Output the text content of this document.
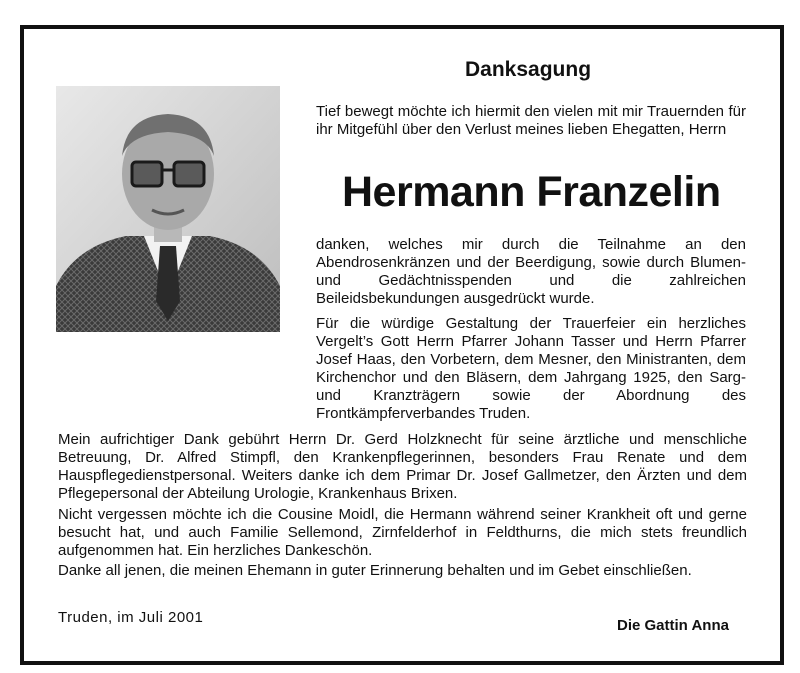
Danksagung

Tief bewegt möchte ich hiermit den vielen mit mir Trauernden für ihr Mitgefühl über den Verlust meines lieben Ehegatten, Herrn

Hermann Franzelin

danken, welches mir durch die Teilnahme an den Abendrosenkränzen und der Beerdigung, sowie durch Blumen- und Gedächtnisspenden und die zahlreichen Beileidsbekundungen ausgedrückt wurde.

Für die würdige Gestaltung der Trauerfeier ein herzliches Vergelt’s Gott Herrn Pfarrer Johann Tasser und Herrn Pfarrer Josef Haas, den Vorbetern, dem Mesner, den Ministranten, dem Kirchenchor und den Bläsern, dem Jahrgang 1925, den Sarg- und Kranzträgern sowie der Abordnung des Frontkämpferverbandes Truden.

Mein aufrichtiger Dank gebührt Herrn Dr. Gerd Holzknecht für seine ärztliche und menschliche Betreuung, Dr. Alfred Stimpfl, den Krankenpflegerinnen, besonders Frau Renate und dem Hauspflegedienstpersonal. Weiters danke ich dem Primar Dr. Josef Gallmetzer, den Ärzten und dem Pflegepersonal der Abteilung Urologie, Krankenhaus Brixen.

Nicht vergessen möchte ich die Cousine Moidl, die Hermann während seiner Krankheit oft und gerne besucht hat, und auch Familie Sellemond, Zirnfelderhof in Feldthurns, die mich stets freundlich aufgenommen hat. Ein herzliches Dankeschön.

Danke all jenen, die meinen Ehemann in guter Erinnerung behalten und im Gebet einschließen.

Truden, im Juli 2001	Die Gattin Anna
